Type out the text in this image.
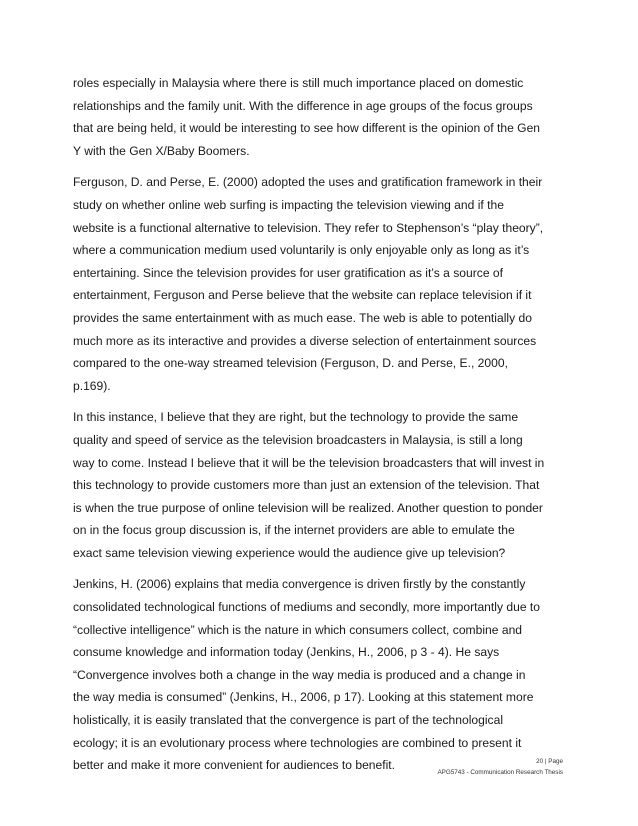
roles especially in Malaysia where there is still much importance placed on domestic
relationships and the family unit. With the difference in age groups of the focus groups
that are being held, it would be interesting to see how different is the opinion of the Gen
Y with the Gen X/Baby Boomers.

Ferguson, D. and Perse, E. (2000) adopted the uses and gratification framework in their
study on whether online web surfing is impacting the television viewing and if the
website is a functional alternative to television. They refer to Stephenson’s “play theory”,
where a communication medium used voluntarily is only enjoyable only as long as it’s
entertaining. Since the television provides for user gratification as it’s a source of
entertainment, Ferguson and Perse believe that the website can replace television if it
provides the same entertainment with as much ease. The web is able to potentially do
much more as its interactive and provides a diverse selection of entertainment sources
compared to the one-way streamed television (Ferguson, D. and Perse, E., 2000,
p.169).

In this instance, I believe that they are right, but the technology to provide the same
quality and speed of service as the television broadcasters in Malaysia, is still a long
way to come. Instead I believe that it will be the television broadcasters that will invest in
this technology to provide customers more than just an extension of the television. That
is when the true purpose of online television will be realized. Another question to ponder
on in the focus group discussion is, if the internet providers are able to emulate the
exact same television viewing experience would the audience give up television?

Jenkins, H. (2006) explains that media convergence is driven firstly by the constantly
consolidated technological functions of mediums and secondly, more importantly due to
“collective intelligence” which is the nature in which consumers collect, combine and
consume knowledge and information today (Jenkins, H., 2006, p 3 - 4). He says
“Convergence involves both a change in the way media is produced and a change in
the way media is consumed” (Jenkins, H., 2006, p 17). Looking at this statement more
holistically, it is easily translated that the convergence is part of the technological
ecology; it is an evolutionary process where technologies are combined to present it
better and make it more convenient for audiences to benefit.	20 | Page
APG5743 - Communication Research Thesis
